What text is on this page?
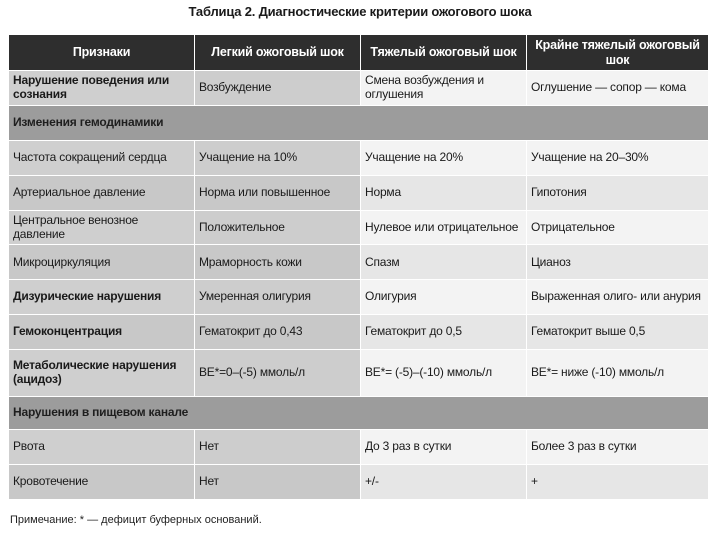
Таблица 2. Диагностические критерии ожогового шока
Признаки	Легкий ожоговый шок	Тяжелый ожоговый шок	Крайне тяжелый ожоговый шок
Нарушение поведения или сознания	Возбуждение	Смена возбуждения и оглушения	Оглушение — сопор — кома
Изменения гемодинамики			
Частота сокращений сердца	Учащение на 10%	Учащение на 20%	Учащение на 20–30%
Артериальное давление	Норма или повышенное	Норма	Гипотония
Центральное венозное давление	Положительное	Нулевое или отрицательное	Отрицательное
Микроциркуляция	Мраморность кожи	Спазм	Цианоз
Дизурические нарушения	Умеренная олигурия	Олигурия	Выраженная олиго- или анурия
Гемоконцентрация	Гематокрит до 0,43	Гематокрит до 0,5	Гематокрит выше 0,5
Метаболические нарушения (ацидоз)	BE*=0–(-5) ммоль/л	BE*= (-5)–(-10) ммоль/л	BE*= ниже (-10) ммоль/л
Нарушения в пищевом канале			
Рвота	Нет	До 3 раз в сутки	Более 3 раз в сутки
Кровотечение	Нет	+/-	+
Примечание: * — дефицит буферных оснований.
